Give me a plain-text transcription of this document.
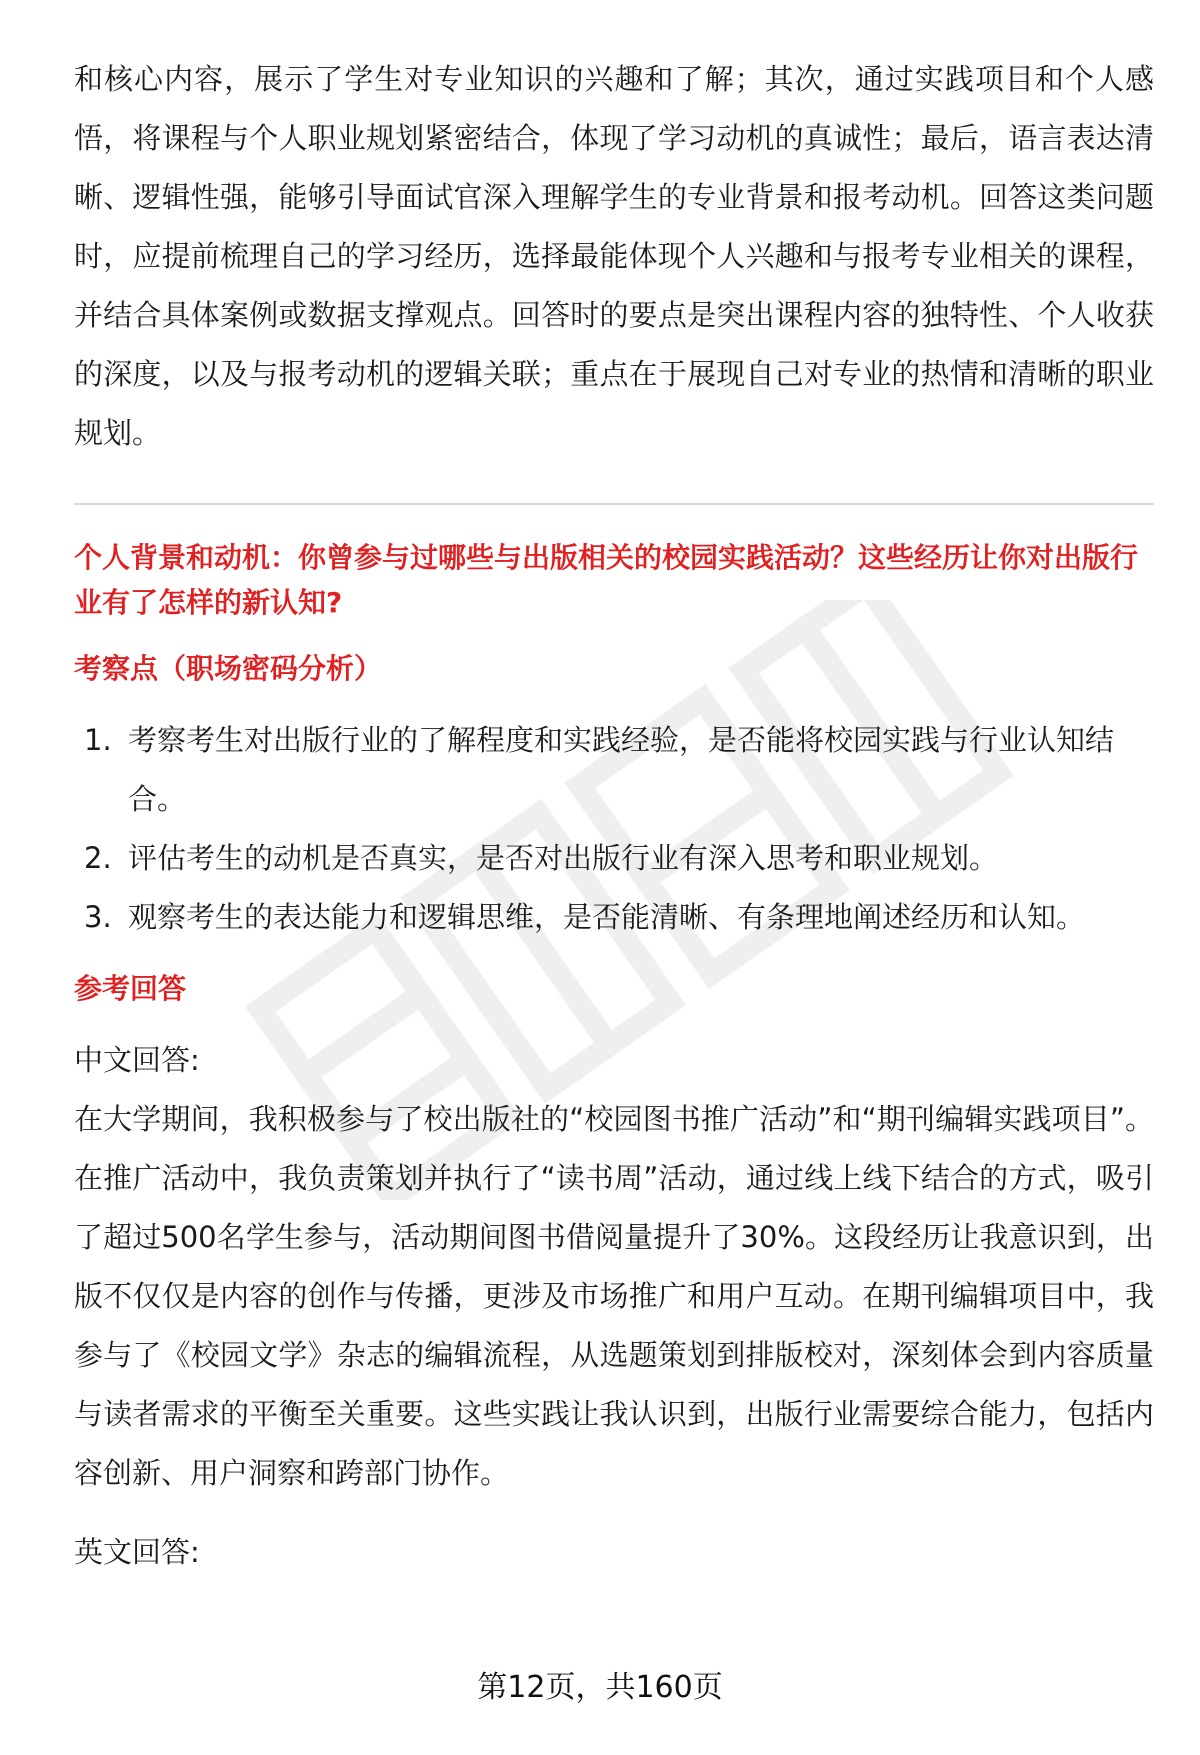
和核心内容，展示了学生对专业知识的兴趣和了解；其次，通过实践项目和个人感悟，将课程与个人职业规划紧密结合，体现了学习动机的真诚性；最后，语言表达清晰、逻辑性强，能够引导面试官深入理解学生的专业背景和报考动机。回答这类问题时，应提前梳理自己的学习经历，选择最能体现个人兴趣和与报考专业相关的课程，并结合具体案例或数据支撑观点。回答时的要点是突出课程内容的独特性、个人收获的深度，以及与报考动机的逻辑关联；重点在于展现自己对专业的热情和清晰的职业规划。

个人背景和动机：你曾参与过哪些与出版相关的校园实践活动？这些经历让你对出版行业有了怎样的新认知?

考察点（职场密码分析）

1. 考察考生对出版行业的了解程度和实践经验，是否能将校园实践与行业认知结合。
2. 评估考生的动机是否真实，是否对出版行业有深入思考和职业规划。
3. 观察考生的表达能力和逻辑思维，是否能清晰、有条理地阐述经历和认知。

参考回答

中文回答:

在大学期间，我积极参与了校出版社的“校园图书推广活动”和“期刊编辑实践项目”。在推广活动中，我负责策划并执行了“读书周”活动，通过线上线下结合的方式，吸引了超过500名学生参与，活动期间图书借阅量提升了30%。这段经历让我意识到，出版不仅仅是内容的创作与传播，更涉及市场推广和用户互动。在期刊编辑项目中，我参与了《校园文学》杂志的编辑流程，从选题策划到排版校对，深刻体会到内容质量与读者需求的平衡至关重要。这些实践让我认识到，出版行业需要综合能力，包括内容创新、用户洞察和跨部门协作。

英文回答:

第12页，共160页
